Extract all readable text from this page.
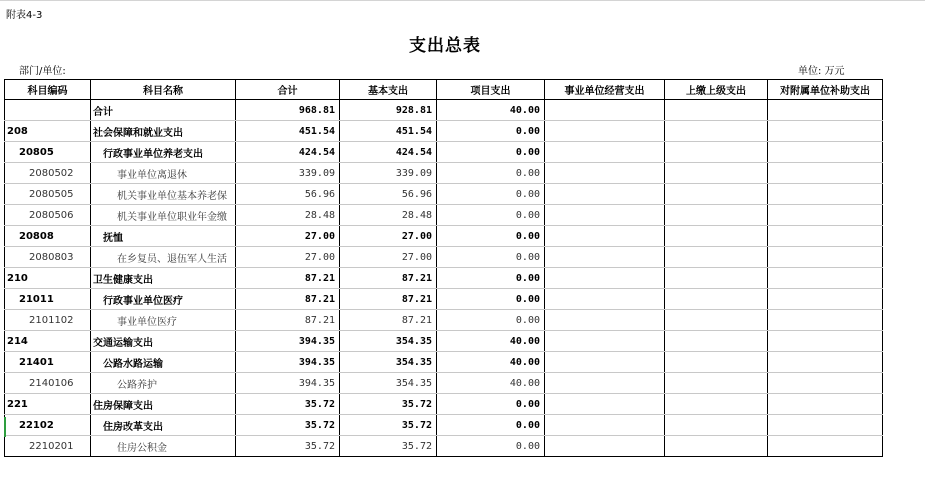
附表4-3
支出总表
部门/单位:	单位: 万元
科目编码	科目名称	合计	基本支出	项目支出	事业单位经营支出	上缴上级支出	对附属单位补助支出
	合计	968.81	928.81	40.00			
208	社会保障和就业支出	451.54	451.54	0.00			
20805	行政事业单位养老支出	424.54	424.54	0.00			
2080502	事业单位离退休	339.09	339.09	0.00			
2080505	机关事业单位基本养老保	56.96	56.96	0.00			
2080506	机关事业单位职业年金缴	28.48	28.48	0.00			
20808	抚恤	27.00	27.00	0.00			
2080803	在乡复员、退伍军人生活	27.00	27.00	0.00			
210	卫生健康支出	87.21	87.21	0.00			
21011	行政事业单位医疗	87.21	87.21	0.00			
2101102	事业单位医疗	87.21	87.21	0.00			
214	交通运输支出	394.35	354.35	40.00			
21401	公路水路运输	394.35	354.35	40.00			
2140106	公路养护	394.35	354.35	40.00			
221	住房保障支出	35.72	35.72	0.00			
22102	住房改革支出	35.72	35.72	0.00			
2210201	住房公积金	35.72	35.72	0.00			
